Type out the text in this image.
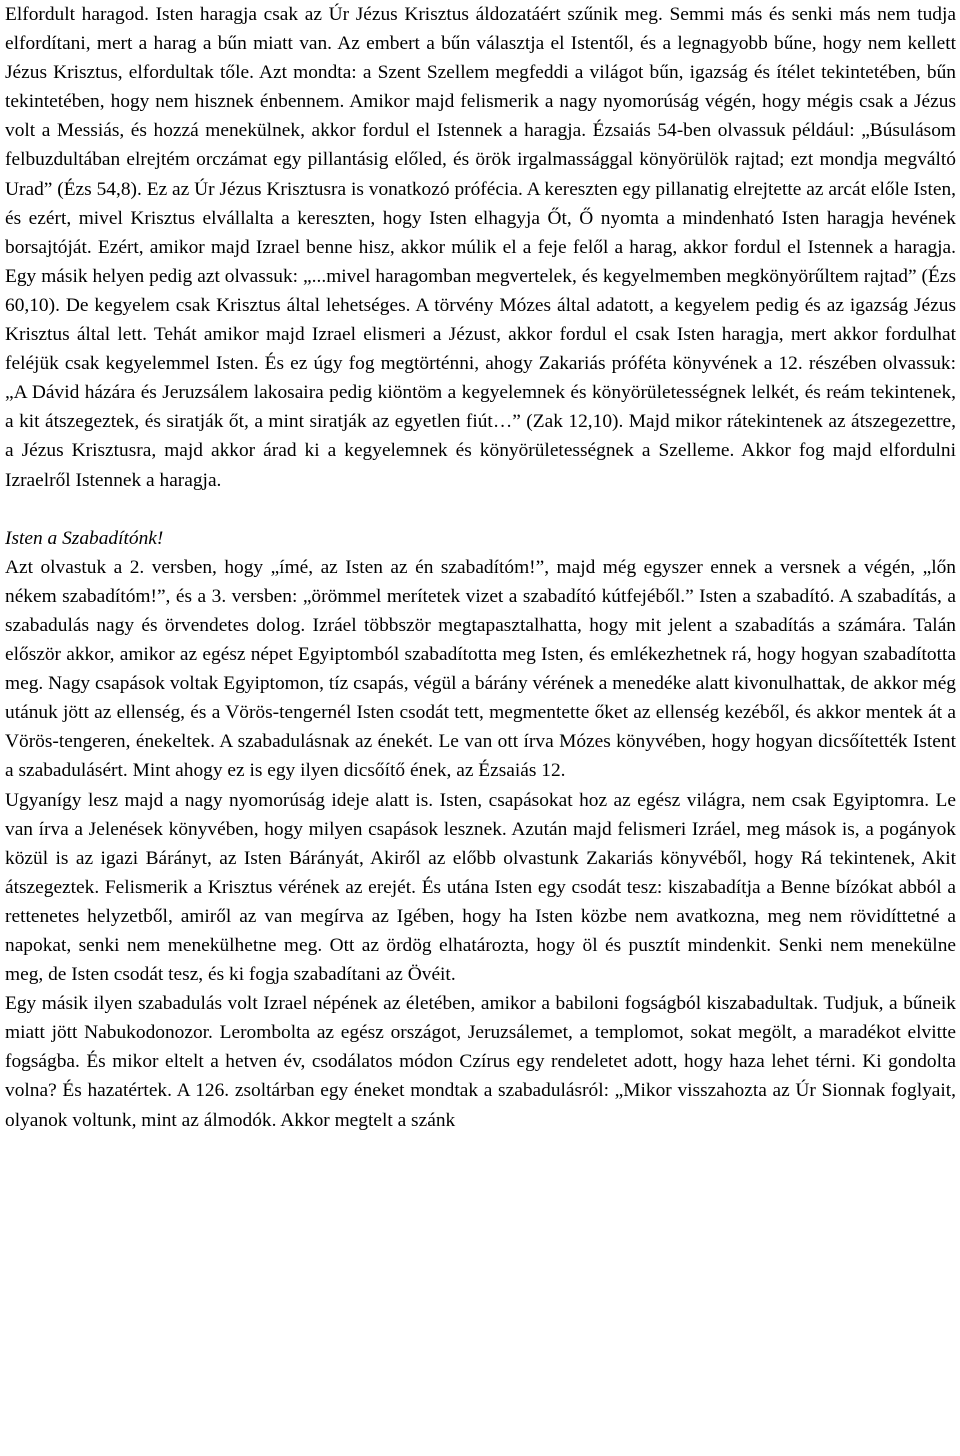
Elfordult haragod. Isten haragja csak az Úr Jézus Krisztus áldozatáért szűnik meg. Semmi más és senki más nem tudja elfordítani, mert a harag a bűn miatt van. Az embert a bűn választja el Istentől, és a legnagyobb bűne, hogy nem kellett Jézus Krisztus, elfordultak tőle. Azt mondta: a Szent Szellem megfeddi a világot bűn, igazság és ítélet tekintetében, bűn tekintetében, hogy nem hisznek énbennem. Amikor majd felismerik a nagy nyomorúság végén, hogy mégis csak a Jézus volt a Messiás, és hozzá menekülnek, akkor fordul el Istennek a haragja. Ézsaiás 54-ben olvassuk például: „Búsulásom felbuzdultában elrejtém orczámat egy pillantásig előled, és örök irgalmassággal könyörülök rajtad; ezt mondja megváltó Urad” (Ézs 54,8). Ez az Úr Jézus Krisztusra is vonatkozó prófécia. A kereszten egy pillanatig elrejtette az arcát előle Isten, és ezért, mivel Krisztus elvállalta a kereszten, hogy Isten elhagyja Őt, Ő nyomta a mindenható Isten haragja hevének borsajtóját. Ezért, amikor majd Izrael benne hisz, akkor múlik el a feje felől a harag, akkor fordul el Istennek a haragja. Egy másik helyen pedig azt olvassuk: „...mivel haragomban megvertelek, és kegyelmemben megkönyörűltem rajtad” (Ézs 60,10). De kegyelem csak Krisztus által lehetséges. A törvény Mózes által adatott, a kegyelem pedig és az igazság Jézus Krisztus által lett. Tehát amikor majd Izrael elismeri a Jézust, akkor fordul el csak Isten haragja, mert akkor fordulhat feléjük csak kegyelemmel Isten. És ez úgy fog megtörténni, ahogy Zakariás próféta könyvének a 12. részében olvassuk: „A Dávid házára és Jeruzsálem lakosaira pedig kiöntöm a kegyelemnek és könyörületességnek lelkét, és reám tekintenek, a kit átszegeztek, és siratják őt, a mint siratják az egyetlen fiút…” (Zak 12,10). Majd mikor rátekintenek az átszegezettre, a Jézus Krisztusra, majd akkor árad ki a kegyelemnek és könyörületességnek a Szelleme. Akkor fog majd elfordulni Izraelről Istennek a haragja.

Isten a Szabadítónk!

Azt olvastuk a 2. versben, hogy „ímé, az Isten az én szabadítóm!”, majd még egyszer ennek a versnek a végén, „lőn nékem szabadítóm!”, és a 3. versben: „örömmel merítetek vizet a szabadító kútfejéből.” Isten a szabadító. A szabadítás, a szabadulás nagy és örvendetes dolog. Izráel többször megtapasztalhatta, hogy mit jelent a szabadítás a számára. Talán először akkor, amikor az egész népet Egyiptomból szabadította meg Isten, és emlékezhetnek rá, hogy hogyan szabadította meg. Nagy csapások voltak Egyiptomon, tíz csapás, végül a bárány vérének a menedéke alatt kivonulhattak, de akkor még utánuk jött az ellenség, és a Vörös-tengernél Isten csodát tett, megmentette őket az ellenség kezéből, és akkor mentek át a Vörös-tengeren, énekeltek. A szabadulásnak az énekét. Le van ott írva Mózes könyvében, hogy hogyan dicsőítették Istent a szabadulásért. Mint ahogy ez is egy ilyen dicsőítő ének, az Ézsaiás 12.

Ugyanígy lesz majd a nagy nyomorúság ideje alatt is. Isten, csapásokat hoz az egész világra, nem csak Egyiptomra. Le van írva a Jelenések könyvében, hogy milyen csapások lesznek. Azután majd felismeri Izráel, meg mások is, a pogányok közül is az igazi Bárányt, az Isten Bárányát, Akiről az előbb olvastunk Zakariás könyvéből, hogy Rá tekintenek, Akit átszegeztek. Felismerik a Krisztus vérének az erejét. És utána Isten egy csodát tesz: kiszabadítja a Benne bízókat abból a rettenetes helyzetből, amiről az van megírva az Igében, hogy ha Isten közbe nem avatkozna, meg nem rövidíttetné a napokat, senki nem menekülhetne meg. Ott az ördög elhatározta, hogy öl és pusztít mindenkit. Senki nem menekülne meg, de Isten csodát tesz, és ki fogja szabadítani az Övéit.

Egy másik ilyen szabadulás volt Izrael népének az életében, amikor a babiloni fogságból kiszabadultak. Tudjuk, a bűneik miatt jött Nabukodonozor. Lerombolta az egész országot, Jeruzsálemet, a templomot, sokat megölt, a maradékot elvitte fogságba. És mikor eltelt a hetven év, csodálatos módon Czírus egy rendeletet adott, hogy haza lehet térni. Ki gondolta volna? És hazatértek. A 126. zsoltárban egy éneket mondtak a szabadulásról: „Mikor visszahozta az Úr Sionnak foglyait, olyanok voltunk, mint az álmodók. Akkor megtelt a szánk
